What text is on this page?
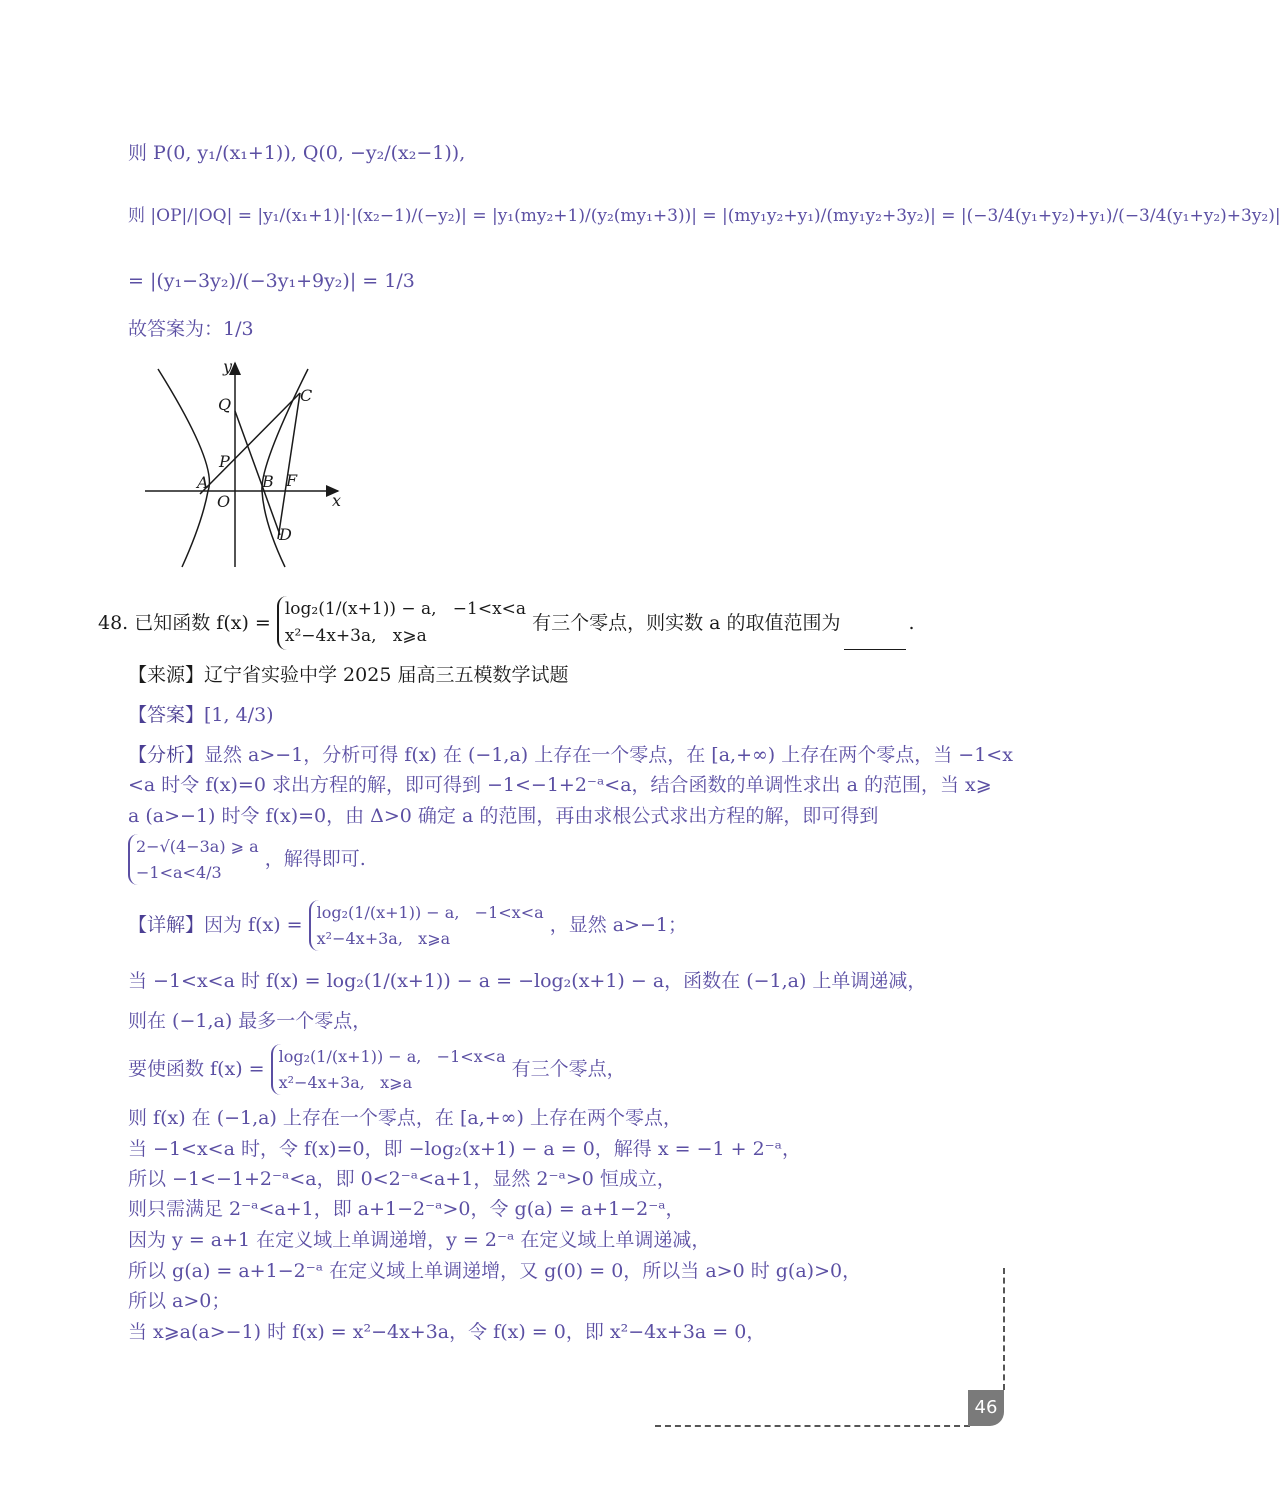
则 P(0, y₁/(x₁+1)), Q(0, −y₂/(x₂−1)),
则 |OP|/|OQ| = |y₁/(x₁+1)|·|(x₂−1)/(−y₂)| = |y₁(my₂+1)/(y₂(my₁+3))| = |(my₁y₂+y₁)/(my₁y₂+3y₂)| = |(−3/4(y₁+y₂)+y₁)/(−3/4(y₁+y₂)+3y₂)|
= |(y₁−3y₂)/(−3y₁+9y₂)| = 1/3
故答案为：1/3
y
x
O
Q	C
P
A	B F
D
48. 已知函数 f(x) =
log₂(1/(x+1)) − a, −1<x<a
x²−4x+3a, x⩾a
有三个零点，则实数 a 的取值范围为	.
【来源】辽宁省实验中学 2025 届高三五模数学试题
【答案】[1, 4/3)
【分析】显然 a>−1，分析可得 f(x) 在 (−1,a) 上存在一个零点，在 [a,+∞) 上存在两个零点，当 −1<x
<a 时令 f(x)=0 求出方程的解，即可得到 −1<−1+2⁻ᵃ<a，结合函数的单调性求出 a 的范围，当 x⩾
a (a>−1) 时令 f(x)=0，由 Δ>0 确定 a 的范围，再由求根公式求出方程的解，即可得到
2−√(4−3a) ⩾ a
−1<a<4/3
，解得即可.
【详解】因为 f(x) =
log₂(1/(x+1)) − a, −1<x<a
x²−4x+3a, x⩾a
，显然 a>−1；
当 −1<x<a 时 f(x) = log₂(1/(x+1)) − a = −log₂(x+1) − a，函数在 (−1,a) 上单调递减，
则在 (−1,a) 最多一个零点，
要使函数 f(x) =
log₂(1/(x+1)) − a, −1<x<a
x²−4x+3a, x⩾a
有三个零点，
则 f(x) 在 (−1,a) 上存在一个零点，在 [a,+∞) 上存在两个零点，
当 −1<x<a 时，令 f(x)=0，即 −log₂(x+1) − a = 0，解得 x = −1 + 2⁻ᵃ，
所以 −1<−1+2⁻ᵃ<a，即 0<2⁻ᵃ<a+1，显然 2⁻ᵃ>0 恒成立，
则只需满足 2⁻ᵃ<a+1，即 a+1−2⁻ᵃ>0，令 g(a) = a+1−2⁻ᵃ，
因为 y = a+1 在定义域上单调递增，y = 2⁻ᵃ 在定义域上单调递减，
所以 g(a) = a+1−2⁻ᵃ 在定义域上单调递增，又 g(0) = 0，所以当 a>0 时 g(a)>0，
所以 a>0；
当 x⩾a(a>−1) 时 f(x) = x²−4x+3a，令 f(x) = 0，即 x²−4x+3a = 0，
46
